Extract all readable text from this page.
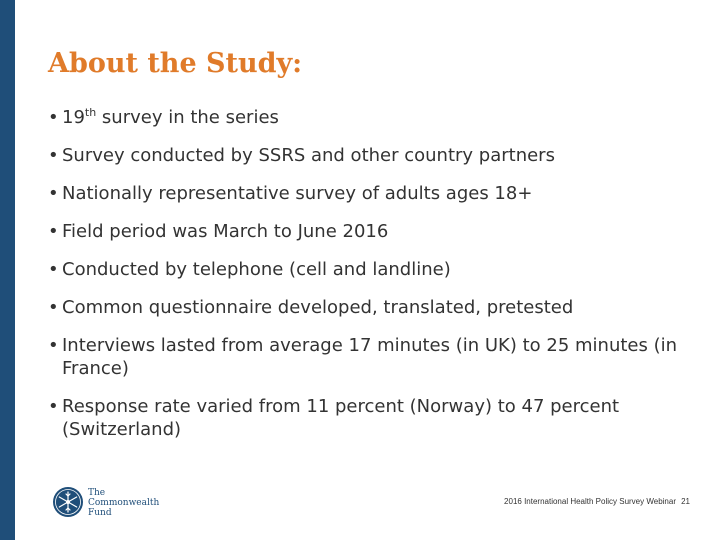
About the Study:
• 19th survey in the series
• Survey conducted by SSRS and other country partners
• Nationally representative survey of adults ages 18+
• Field period was March to June 2016
• Conducted by telephone (cell and landline)
• Common questionnaire developed, translated, pretested
• Interviews lasted from average 17 minutes (in UK) to 25 minutes (in France)
• Response rate varied from 11 percent (Norway) to 47 percent (Switzerland)
The
Commonwealth
Fund
2016 International Health Policy Survey Webinar 21
